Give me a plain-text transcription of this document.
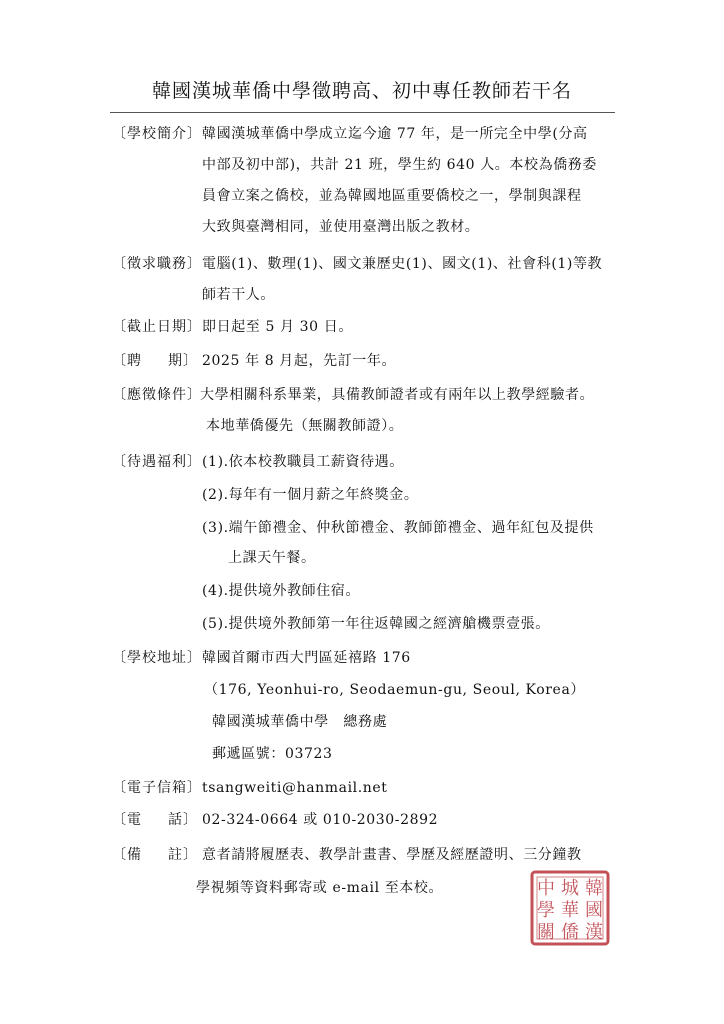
韓國漢城華僑中學徵聘高、初中專任教師若干名
〔學校簡介〕 韓國漢城華僑中學成立迄今逾 77 年，是一所完全中學(分高
中部及初中部)，共計 21 班，學生約 640 人。本校為僑務委
員會立案之僑校，並為韓國地區重要僑校之一，學制與課程
大致與臺灣相同，並使用臺灣出版之教材。
〔徵求職務〕 電腦(1)、數理(1)、國文兼歷史(1)、國文(1)、社會科(1)等教
師若干人。
〔截止日期〕 即日起至 5 月 30 日。
〔聘期〕 2025 年 8 月起，先訂一年。
〔應徵條件〕
大學相關科系畢業，具備教師證者或有兩年以上教學經驗者。
本地華僑優先（無關教師證）。
〔待遇福利〕 (1).依本校教職員工薪資待遇。
(2).每年有一個月薪之年終獎金。
(3).端午節禮金、仲秋節禮金、教師節禮金、過年紅包及提供
上課天午餐。
(4).提供境外教師住宿。
(5).提供境外教師第一年往返韓國之經濟艙機票壹張。
〔學校地址〕 韓國首爾市西大門區延禧路 176
（176, Yeonhui-ro, Seodaemun-gu, Seoul, Korea）
韓國漢城華僑中學　總務處
郵遞區號：03723
〔電子信箱〕 tsangweiti@hanmail.net
〔電話〕 02-324-0664 或 010-2030-2892
〔備註〕 意者請將履歷表、教學計畫書、學歷及經歷證明、三分鐘教
學視頻等資料郵寄或 e-mail 至本校。	韓
國
漢
城
華
僑
中
學
關
